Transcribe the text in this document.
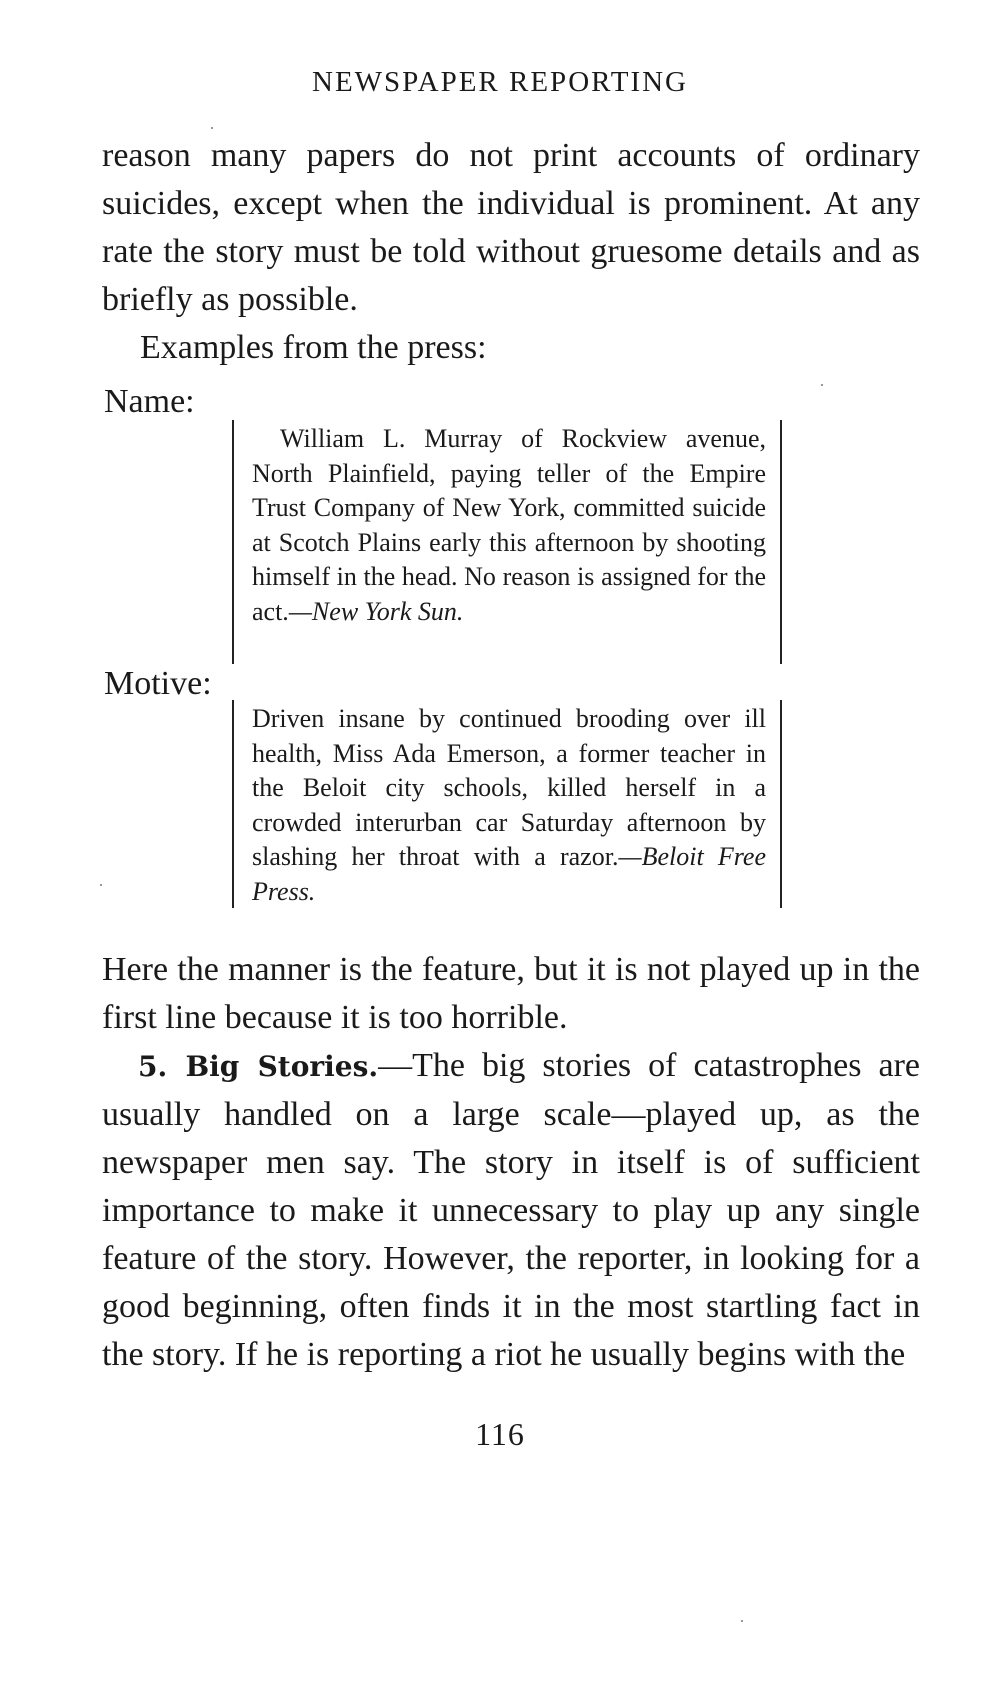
NEWSPAPER REPORTING

reason many papers do not print accounts of ordinary suicides, except when the individual is prominent. At any rate the story must be told without gruesome details and as briefly as possible.

Examples from the press:

Name:

William L. Murray of Rockview avenue, North Plainfield, paying teller of the Empire Trust Company of New York, committed suicide at Scotch Plains early this afternoon by shooting himself in the head. No reason is assigned for the act.—New York Sun.

Motive:

Driven insane by continued brooding over ill health, Miss Ada Emerson, a former teacher in the Beloit city schools, killed herself in a crowded interurban car Saturday afternoon by slashing her throat with a razor.—Beloit Free Press.

Here the manner is the feature, but it is not played up in the first line because it is too horrible.
5. Big Stories.—The big stories of catastrophes are usually handled on a large scale—played up, as the newspaper men say. The story in itself is of sufficient importance to make it unnecessary to play up any single feature of the story. However, the reporter, in looking for a good beginning, often finds it in the most startling fact in the story. If he is reporting a riot he usually begins with the
116
